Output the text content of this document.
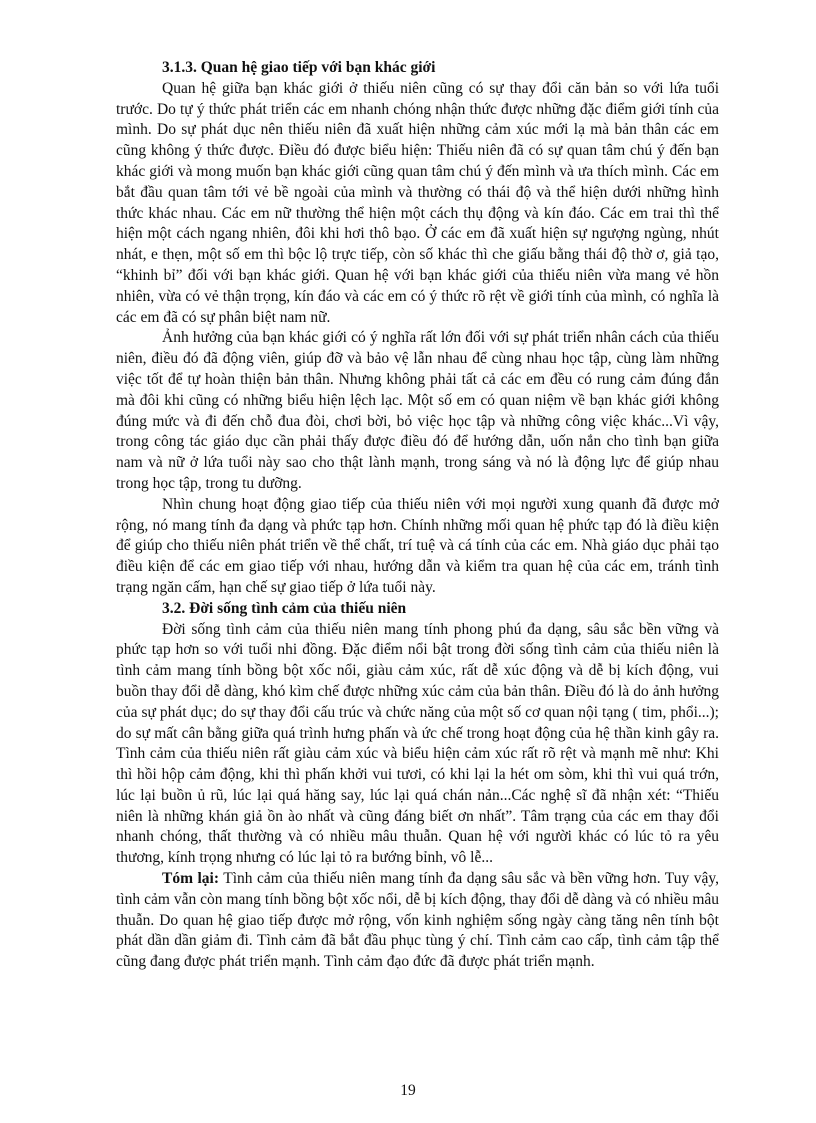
3.1.3. Quan hệ giao tiếp với bạn khác giới

Quan hệ giữa bạn khác giới ở thiếu niên cũng có sự thay đổi căn bản so với lứa tuổi trước. Do tự ý thức phát triển các em nhanh chóng nhận thức được những đặc điểm giới tính của mình. Do sự phát dục nên thiếu niên đã xuất hiện những cảm xúc mới lạ mà bản thân các em cũng không ý thức được. Điều đó được biểu hiện: Thiếu niên đã có sự quan tâm chú ý đến bạn khác giới và mong muốn bạn khác giới cũng quan tâm chú ý đến mình và ưa thích mình. Các em bắt đầu quan tâm tới vẻ bề ngoài của mình và thường có thái độ và thể hiện dưới những hình thức khác nhau. Các em nữ thường thể hiện một cách thụ động và kín đáo. Các em trai thì thể hiện một cách ngang nhiên, đôi khi hơi thô bạo. Ở các em đã xuất hiện sự ngượng ngùng, nhút nhát, e thẹn, một số em thì bộc lộ trực tiếp, còn số khác thì che giấu bằng thái độ thờ ơ, giả tạo, “khinh bỉ” đối với bạn khác giới. Quan hệ với bạn khác giới của thiếu niên vừa mang vẻ hồn nhiên, vừa có vẻ thận trọng, kín đáo và các em có ý thức rõ rệt về giới tính của mình, có nghĩa là các em đã có sự phân biệt nam nữ.

Ảnh hưởng của bạn khác giới có ý nghĩa rất lớn đối với sự phát triển nhân cách của thiếu niên, điều đó đã động viên, giúp đỡ và bảo vệ lẫn nhau để cùng nhau học tập, cùng làm những việc tốt để tự hoàn thiện bản thân. Nhưng không phải tất cả các em đều có rung cảm đúng đắn mà đôi khi cũng có những biểu hiện lệch lạc. Một số em có quan niệm về bạn khác giới không đúng mức và đi đến chỗ đua đòi, chơi bời, bỏ việc học tập và những công việc khác...Vì vậy, trong công tác giáo dục cần phải thấy được điều đó để hướng dẫn, uốn nắn cho tình bạn giữa nam và nữ ở lứa tuổi này sao cho thật lành mạnh, trong sáng và nó là động lực để giúp nhau trong học tập, trong tu dưỡng.

Nhìn chung hoạt động giao tiếp của thiếu niên với mọi người xung quanh đã được mở rộng, nó mang tính đa dạng và phức tạp hơn. Chính những mối quan hệ phức tạp đó là điều kiện để giúp cho thiếu niên phát triển về thể chất, trí tuệ và cá tính của các em. Nhà giáo dục phải tạo điều kiện để các em giao tiếp với nhau, hướng dẫn và kiểm tra quan hệ của các em, tránh tình trạng ngăn cấm, hạn chế sự giao tiếp ở lứa tuổi này.

3.2. Đời sống tình cảm của thiếu niên

Đời sống tình cảm của thiếu niên mang tính phong phú đa dạng, sâu sắc bền vững và phức tạp hơn so với tuổi nhi đồng. Đặc điểm nổi bật trong đời sống tình cảm của thiếu niên là tình cảm mang tính bồng bột xốc nổi, giàu cảm xúc, rất dễ xúc động và dễ bị kích động, vui buồn thay đổi dễ dàng, khó kìm chế được những xúc cảm của bản thân. Điều đó là do ảnh hưởng của sự phát dục; do sự thay đổi cấu trúc và chức năng của một số cơ quan nội tạng ( tim, phổi...); do sự mất cân bằng giữa quá trình hưng phấn và ức chế trong hoạt động của hệ thần kinh gây ra. Tình cảm của thiếu niên rất giàu cảm xúc và biểu hiện cảm xúc rất rõ rệt và mạnh mẽ như: Khi thì hồi hộp cảm động, khi thì phấn khởi vui tươi, có khi lại la hét om sòm, khi thì vui quá trớn, lúc lại buồn ủ rũ, lúc lại quá hăng say, lúc lại quá chán nản...Các nghệ sĩ đã nhận xét: “Thiếu niên là những khán giả ồn ào nhất và cũng đáng biết ơn nhất”. Tâm trạng của các em thay đổi nhanh chóng, thất thường và có nhiều mâu thuẫn. Quan hệ với người khác có lúc tỏ ra yêu thương, kính trọng nhưng có lúc lại tỏ ra bướng bỉnh, vô lễ...

Tóm lại: Tình cảm của thiếu niên mang tính đa dạng sâu sắc và bền vững hơn. Tuy vậy, tình cảm vẫn còn mang tính bồng bột xốc nổi, dễ bị kích động, thay đổi dễ dàng và có nhiều mâu thuẫn. Do quan hệ giao tiếp được mở rộng, vốn kinh nghiệm sống ngày càng tăng nên tính bột phát dần dần giảm đi. Tình cảm đã bắt đầu phục tùng ý chí. Tình cảm cao cấp, tình cảm tập thể cũng đang được phát triển mạnh. Tình cảm đạo đức đã được phát triển mạnh.

19
